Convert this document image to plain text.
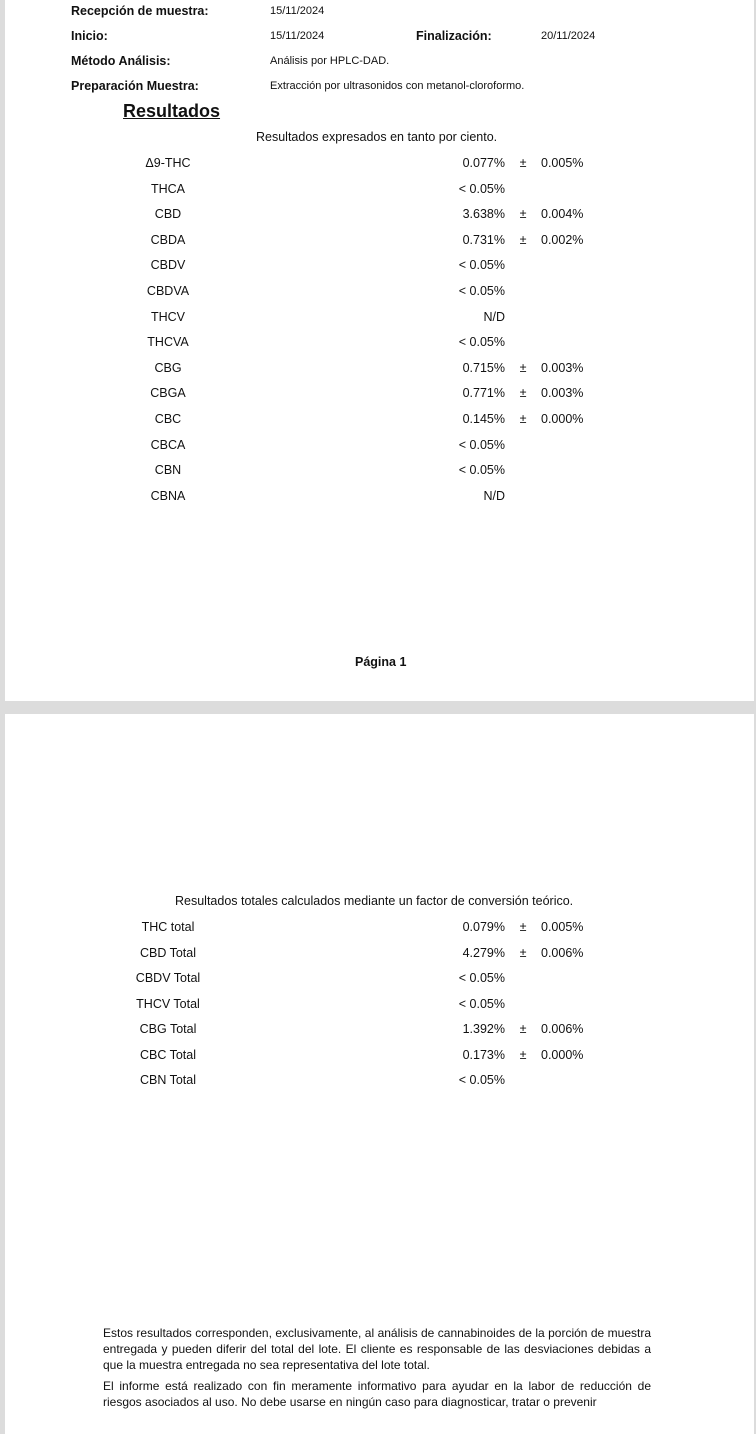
Recepción de muestra:	15/11/2024
Inicio:	15/11/2024	Finalización:	20/11/2024
Método Análisis:	Análisis por HPLC-DAD.
Preparación Muestra:	Extracción por ultrasonidos con metanol-cloroformo.
Resultados
Resultados expresados en tanto por ciento.
Δ9-THC	0.077% ± 0.005%
THCA	< 0.05%
CBD	3.638% ± 0.004%
CBDA	0.731% ± 0.002%
CBDV	< 0.05%
CBDVA	< 0.05%
THCV	N/D
THCVA	< 0.05%
CBG	0.715% ± 0.003%
CBGA	0.771% ± 0.003%
CBC	0.145% ± 0.000%
CBCA	< 0.05%
CBN	< 0.05%
CBNA	N/D
Página 1
Resultados totales calculados mediante un factor de conversión teórico.
THC total	0.079% ± 0.005%
CBD Total	4.279% ± 0.006%
CBDV Total	< 0.05%
THCV Total	< 0.05%
CBG Total	1.392% ± 0.006%
CBC Total	0.173% ± 0.000%
CBN Total	< 0.05%

Estos resultados corresponden, exclusivamente, al análisis de cannabinoides de la porción de muestra entregada y pueden diferir del total del lote. El cliente es responsable de las desviaciones debidas a que la muestra entregada no sea representativa del lote total.

El informe está realizado con fin meramente informativo para ayudar en la labor de reducción de riesgos asociados al uso. No debe usarse en ningún caso para diagnosticar, tratar o prevenir
